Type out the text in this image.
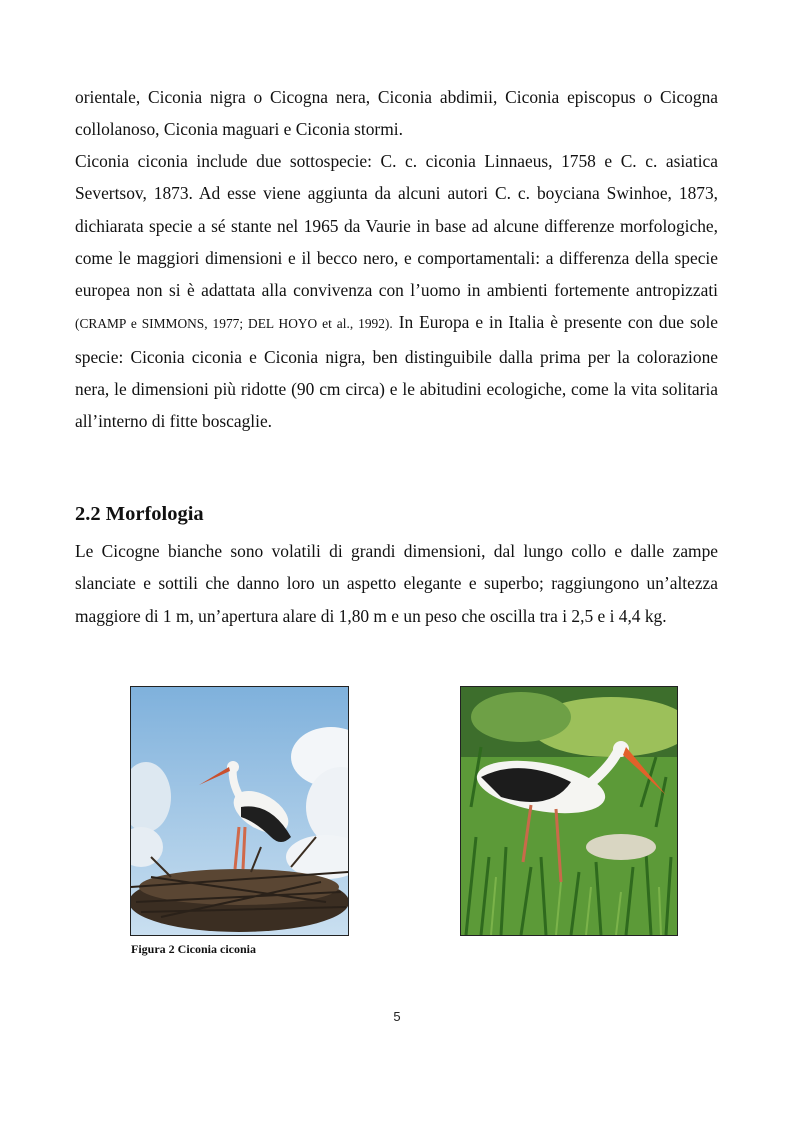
orientale, Ciconia nigra o Cicogna nera, Ciconia abdimii, Ciconia episcopus o Cicogna collolanoso, Ciconia maguari e Ciconia stormi.

Ciconia ciconia include due sottospecie: C. c. ciconia Linnaeus, 1758 e C. c. asiatica Severtsov, 1873. Ad esse viene aggiunta da alcuni autori C. c. boyciana Swinhoe, 1873, dichiarata specie a sé stante nel 1965 da Vaurie in base ad alcune differenze morfologiche, come le maggiori dimensioni e il becco nero, e comportamentali: a differenza della specie europea non si è adattata alla convivenza con l’uomo in ambienti fortemente antropizzati (CRAMP e SIMMONS, 1977; DEL HOYO et al., 1992). In Europa e in Italia è presente con due sole specie: Ciconia ciconia e Ciconia nigra, ben distinguibile dalla prima per la colorazione nera, le dimensioni più ridotte (90 cm circa) e le abitudini ecologiche, come la vita solitaria all’interno di fitte boscaglie.

2.2 Morfologia

Le Cicogne bianche sono volatili di grandi dimensioni, dal lungo collo e dalle zampe slanciate e sottili che danno loro un aspetto elegante e superbo; raggiungono un’altezza maggiore di 1 m, un’apertura alare di 1,80 m e un peso che oscilla tra i 2,5 e i 4,4 kg.

Figura 2 Ciconia ciconia

5
